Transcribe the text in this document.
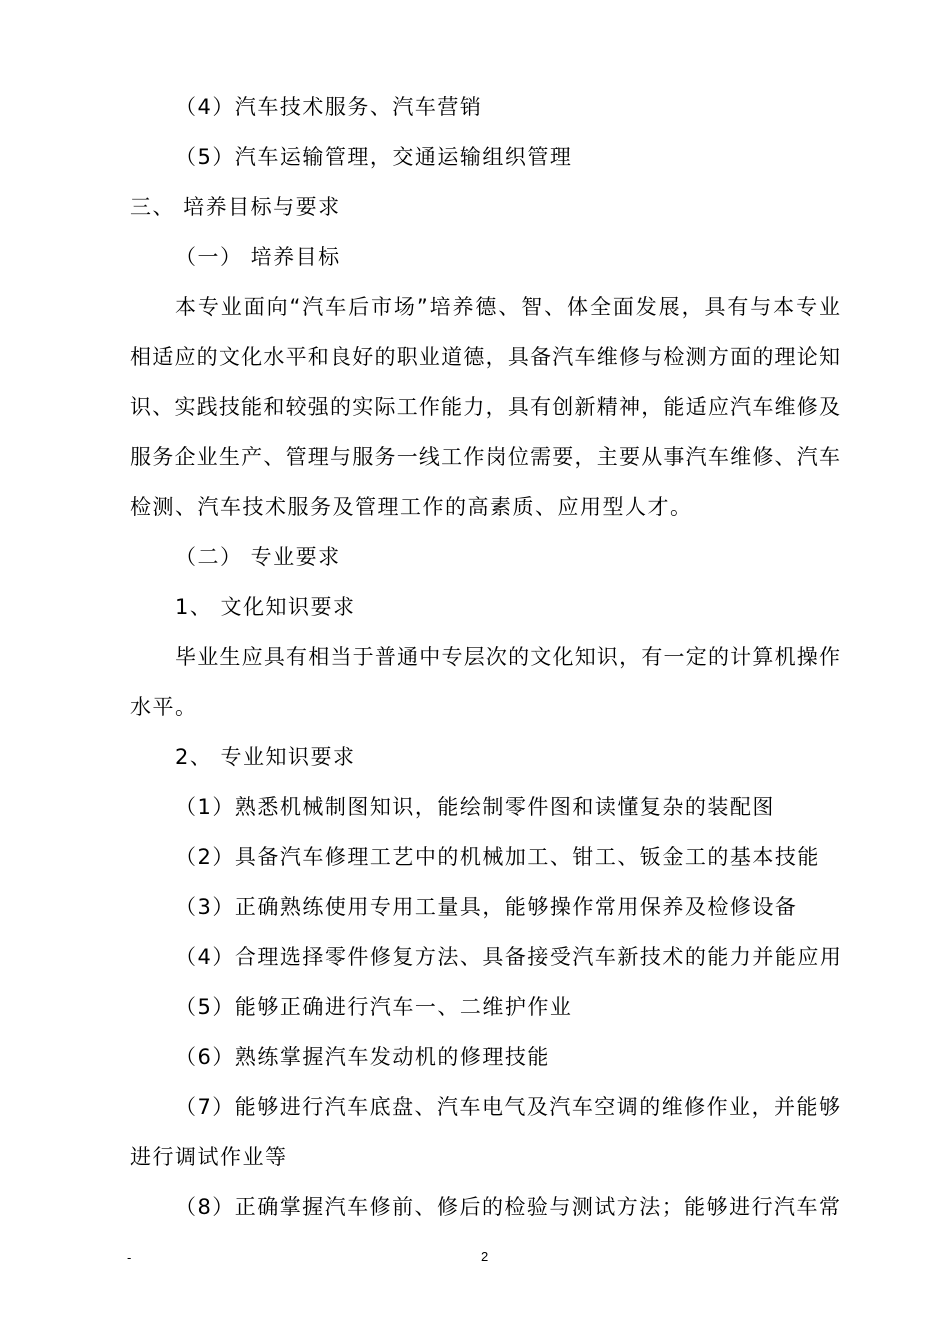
（4）汽车技术服务、汽车营销
（5）汽车运输管理，交通运输组织管理
三、 培养目标与要求
（一） 培养目标
本专业面向“汽车后市场”培养德、智、体全面发展，具有与本专业
相适应的文化水平和良好的职业道德，具备汽车维修与检测方面的理论知
识、实践技能和较强的实际工作能力，具有创新精神，能适应汽车维修及
服务企业生产、管理与服务一线工作岗位需要，主要从事汽车维修、汽车
检测、汽车技术服务及管理工作的高素质、应用型人才。
（二） 专业要求
1、 文化知识要求
毕业生应具有相当于普通中专层次的文化知识，有一定的计算机操作
水平。
2、 专业知识要求
（1）熟悉机械制图知识，能绘制零件图和读懂复杂的装配图
（2）具备汽车修理工艺中的机械加工、钳工、钣金工的基本技能
（3）正确熟练使用专用工量具，能够操作常用保养及检修设备
（4）合理选择零件修复方法、具备接受汽车新技术的能力并能应用
（5）能够正确进行汽车一、二维护作业
（6）熟练掌握汽车发动机的修理技能
（7）能够进行汽车底盘、汽车电气及汽车空调的维修作业，并能够
进行调试作业等
（8）正确掌握汽车修前、修后的检验与测试方法；能够进行汽车常
-	2
